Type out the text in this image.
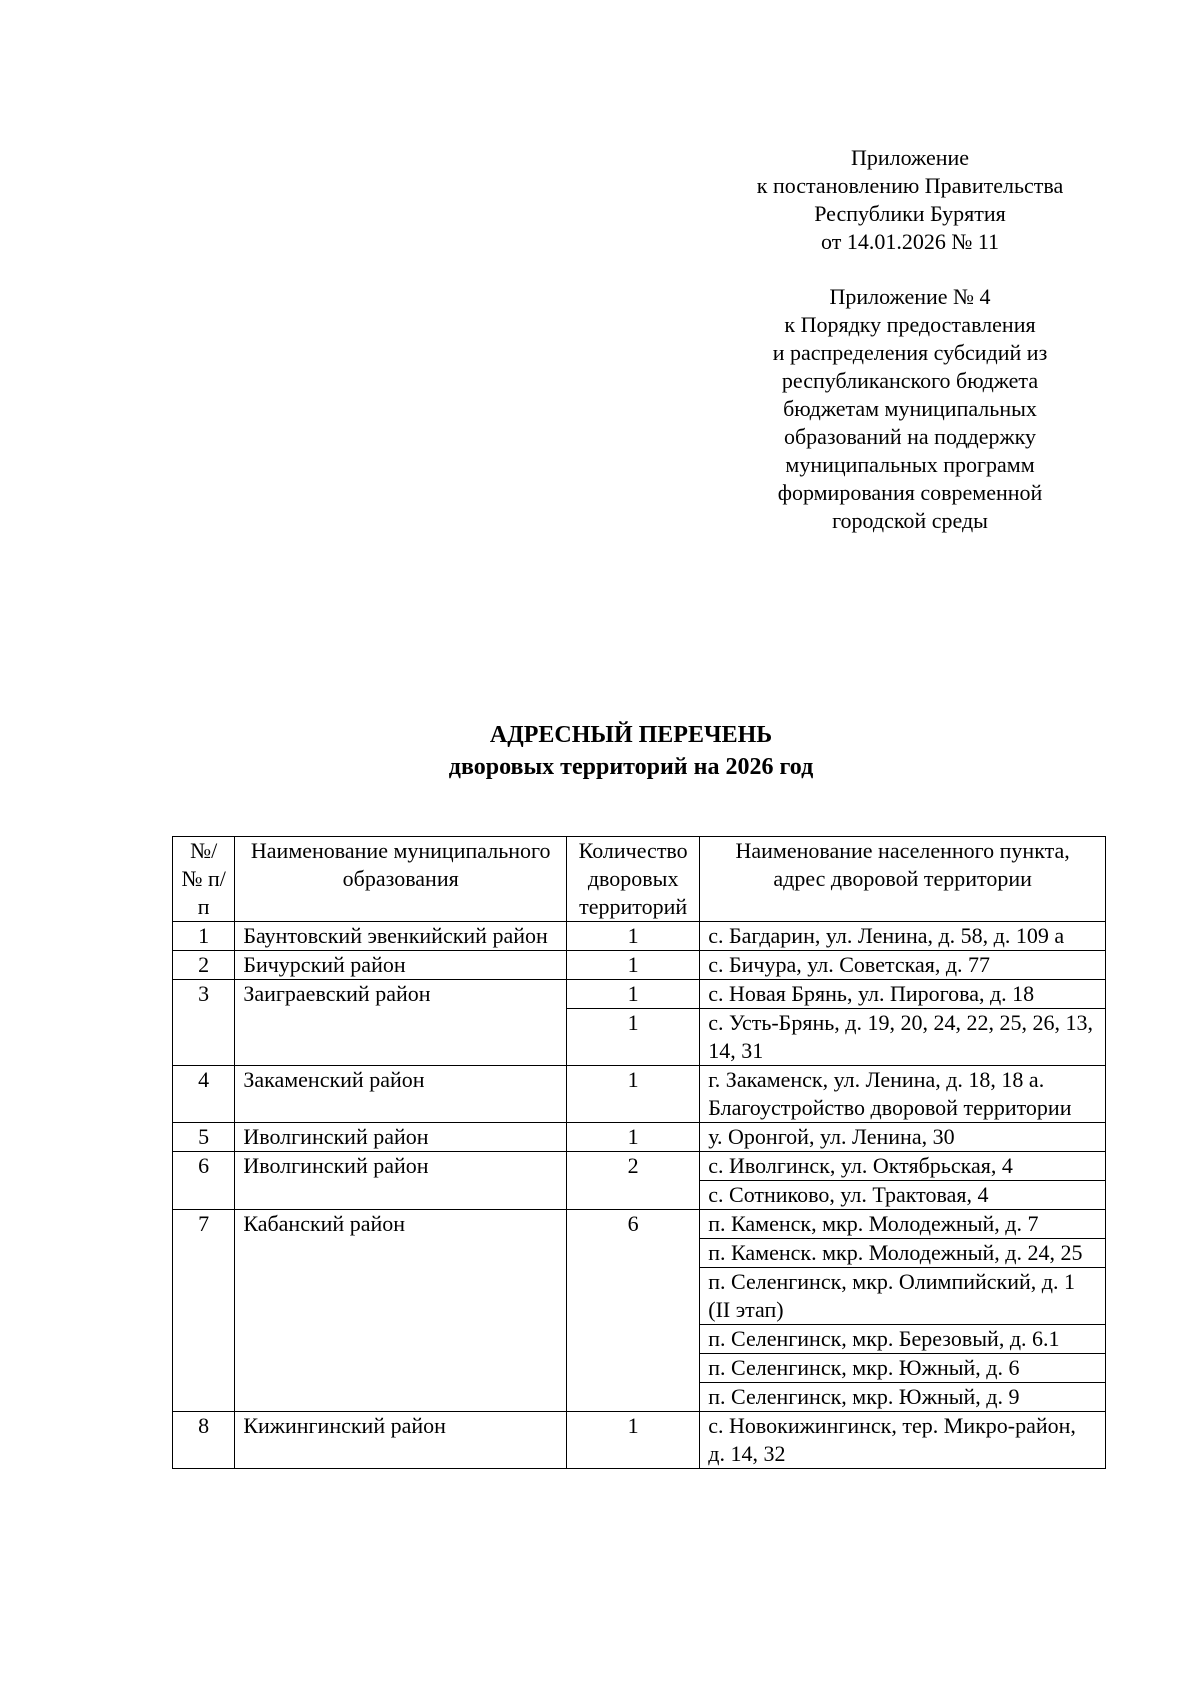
Приложение
к постановлению Правительства
Республики Бурятия
от 14.01.2026 № 11
Приложение № 4
к Порядку предоставления
и распределения субсидий из
республиканского бюджета
бюджетам муниципальных
образований на поддержку
муниципальных программ
формирования современной
городской среды
АДРЕСНЫЙ ПЕРЕЧЕНЬ
дворовых территорий на 2026 год
№/№ п/п	Наименование муниципального образования	Количество дворовых территорий	Наименование населенного пункта, адрес дворовой территории
1	Баунтовский эвенкийский район	1	с. Багдарин, ул. Ленина, д. 58, д. 109 а
2	Бичурский район	1	с. Бичура, ул. Советская, д. 77
3	Заиграевский район	1	с. Новая Брянь, ул. Пирогова, д. 18
		1	с. Усть-Брянь, д. 19, 20, 24, 22, 25, 26, 13, 14, 31
4	Закаменский район	1	г. Закаменск, ул. Ленина, д. 18, 18 а. Благоустройство дворовой территории
5	Иволгинский район	1	у. Оронгой, ул. Ленина, 30
6	Иволгинский район	2	с. Иволгинск, ул. Октябрьская, 4
			с. Сотниково, ул. Трактовая, 4
7	Кабанский район	6	п. Каменск, мкр. Молодежный, д. 7
			п. Каменск. мкр. Молодежный, д. 24, 25
			п. Селенгинск, мкр. Олимпийский, д. 1 (II этап)
			п. Селенгинск, мкр. Березовый, д. 6.1
			п. Селенгинск, мкр. Южный, д. 6
			п. Селенгинск, мкр. Южный, д. 9
8	Кижингинский район	1	с. Новокижингинск, тер. Микро-район, д. 14, 32
